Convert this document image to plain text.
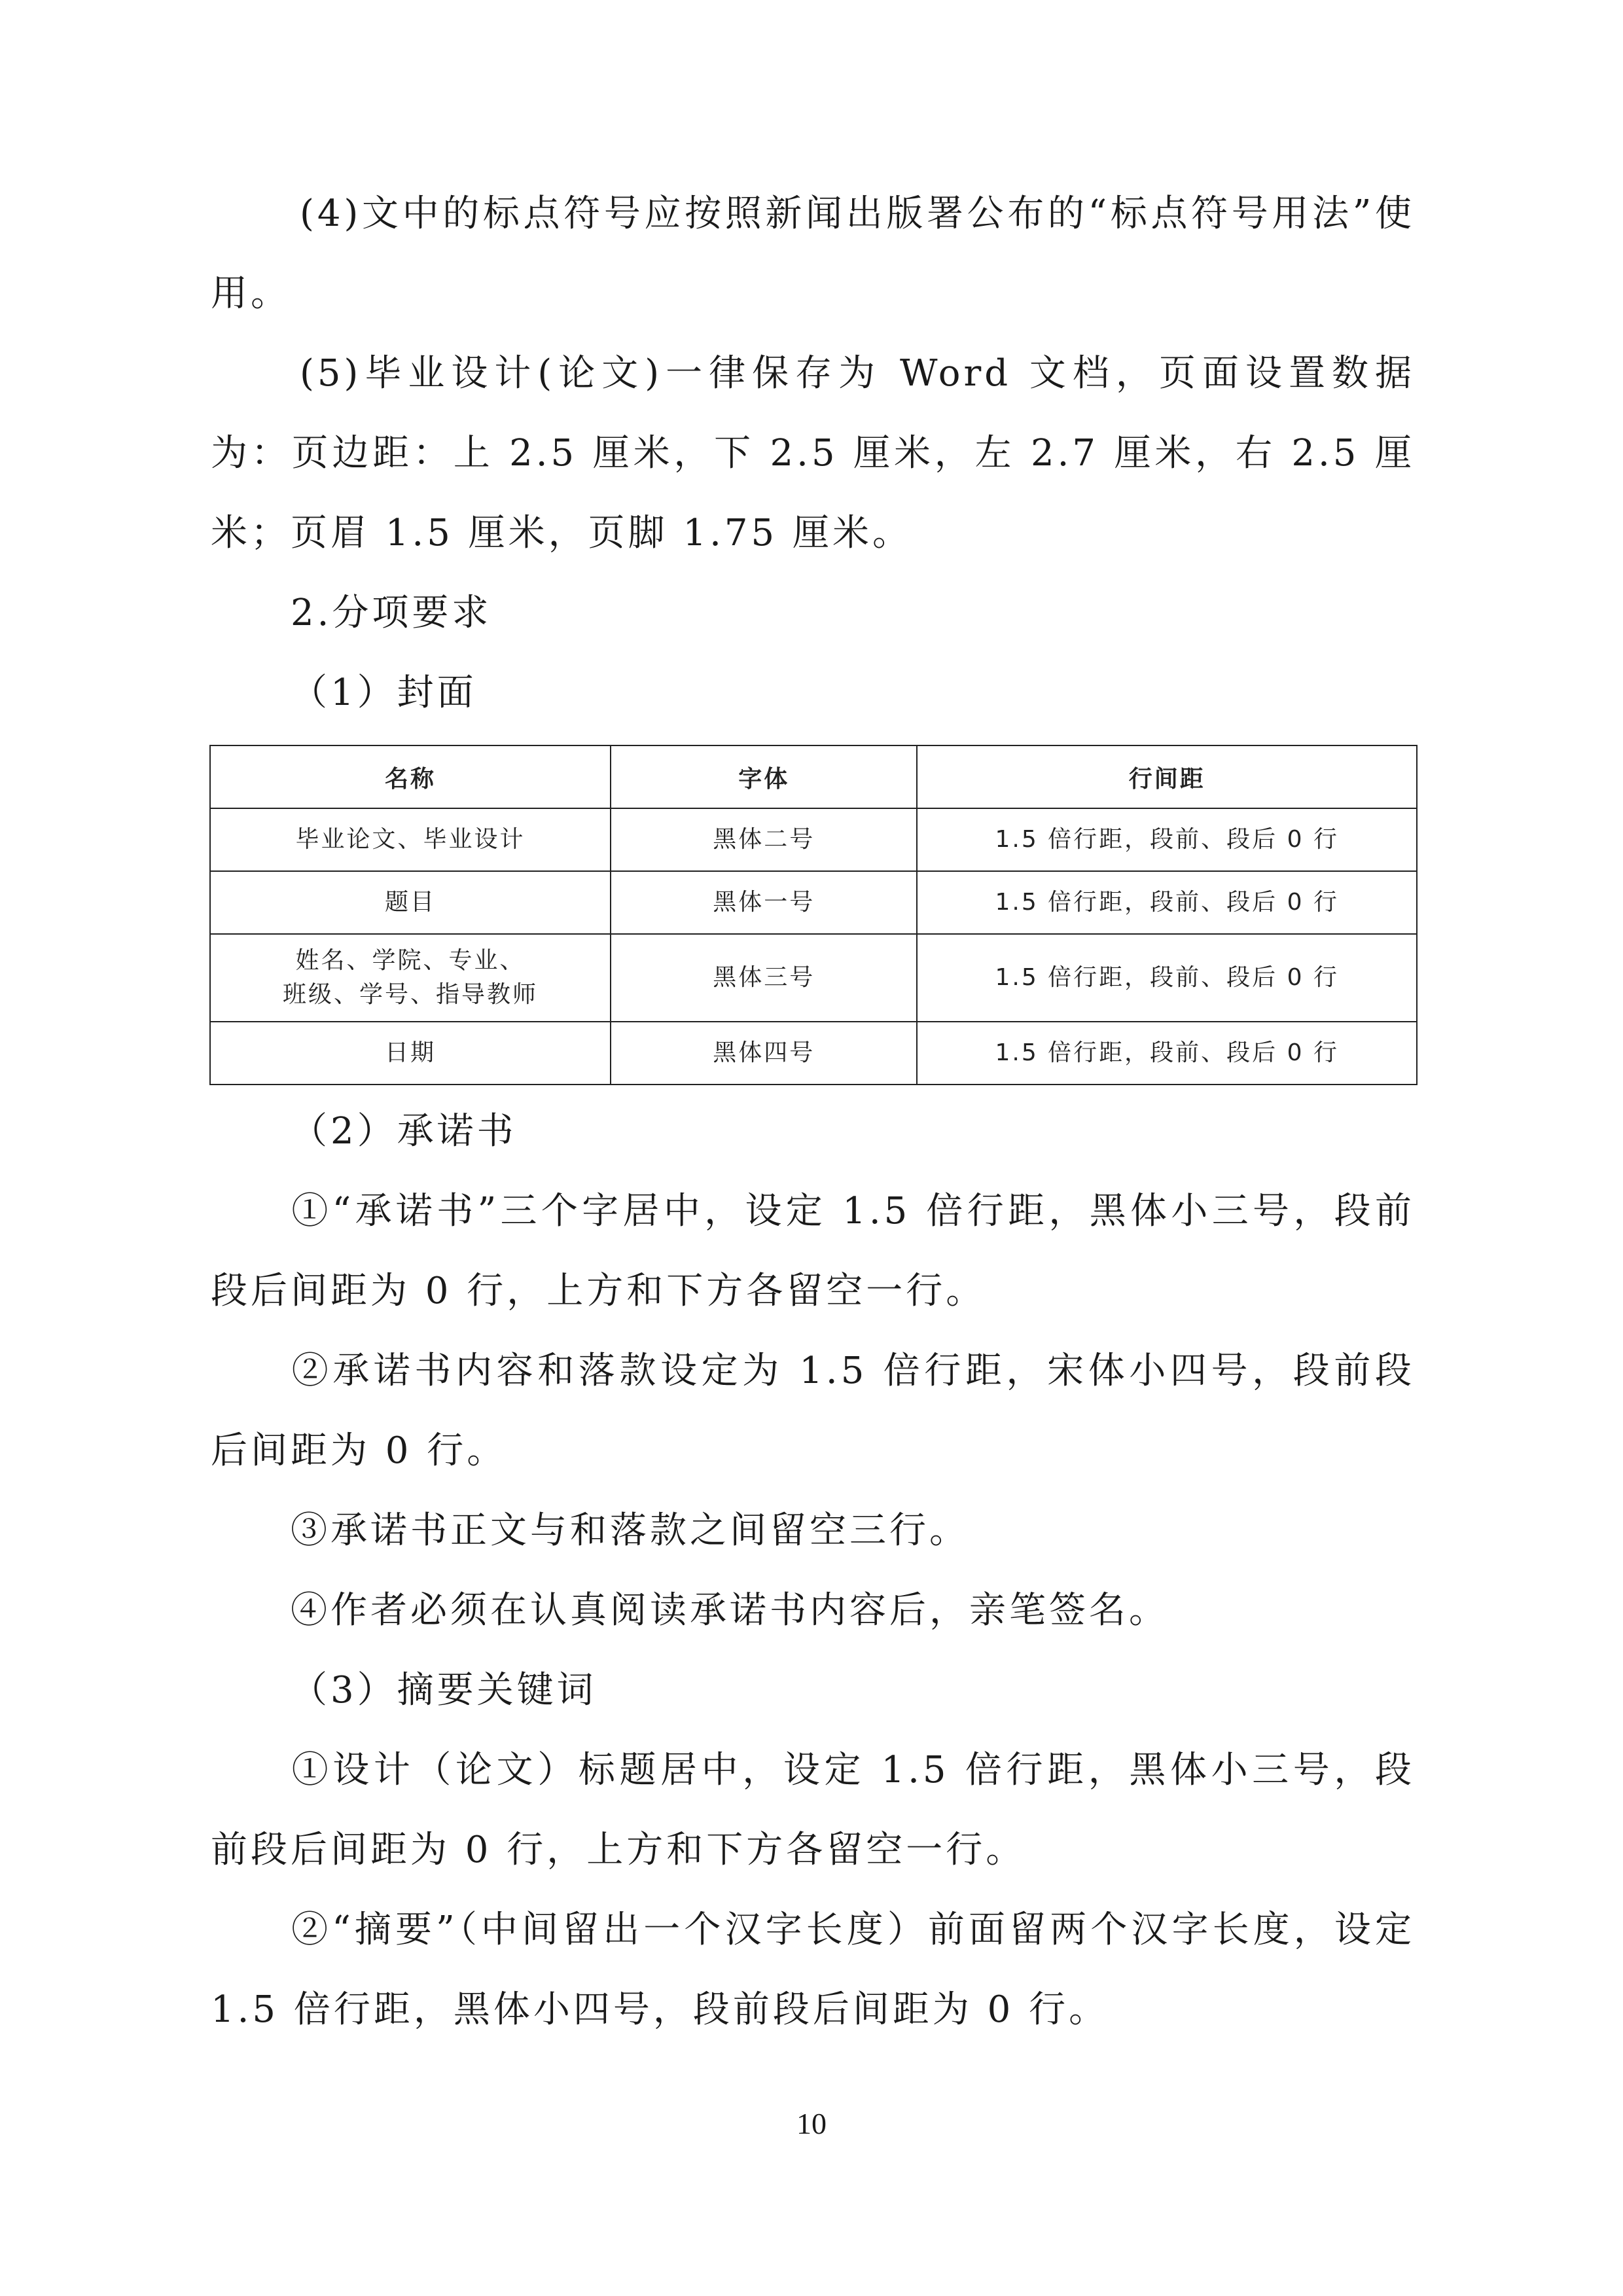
(4)文中的标点符号应按照新闻出版署公布的“标点符号用法”使用。

(5)毕业设计(论文)一律保存为 Word 文档，页面设置数据为：页边距：上 2.5 厘米，下 2.5 厘米，左 2.7 厘米，右 2.5 厘米；页眉 1.5 厘米，页脚 1.75 厘米。

2.分项要求

（1）封面

名称	字体	行间距
毕业论文、毕业设计	黑体二号	1.5 倍行距，段前、段后 0 行
题目	黑体一号	1.5 倍行距，段前、段后 0 行

姓名、学院、专业、
班级、学号、指导教师	黑体三号	1.5 倍行距，段前、段后 0 行
日期	黑体四号	1.5 倍行距，段前、段后 0 行

（2）承诺书

①“承诺书”三个字居中，设定 1.5 倍行距，黑体小三号，段前段后间距为 0 行，上方和下方各留空一行。

②承诺书内容和落款设定为 1.5 倍行距，宋体小四号，段前段后间距为 0 行。

③承诺书正文与和落款之间留空三行。

④作者必须在认真阅读承诺书内容后，亲笔签名。

（3）摘要关键词

①设计（论文）标题居中，设定 1.5 倍行距，黑体小三号，段前段后间距为 0 行，上方和下方各留空一行。

②“摘要”（中间留出一个汉字长度）前面留两个汉字长度，设定 1.5 倍行距，黑体小四号，段前段后间距为 0 行。

10
